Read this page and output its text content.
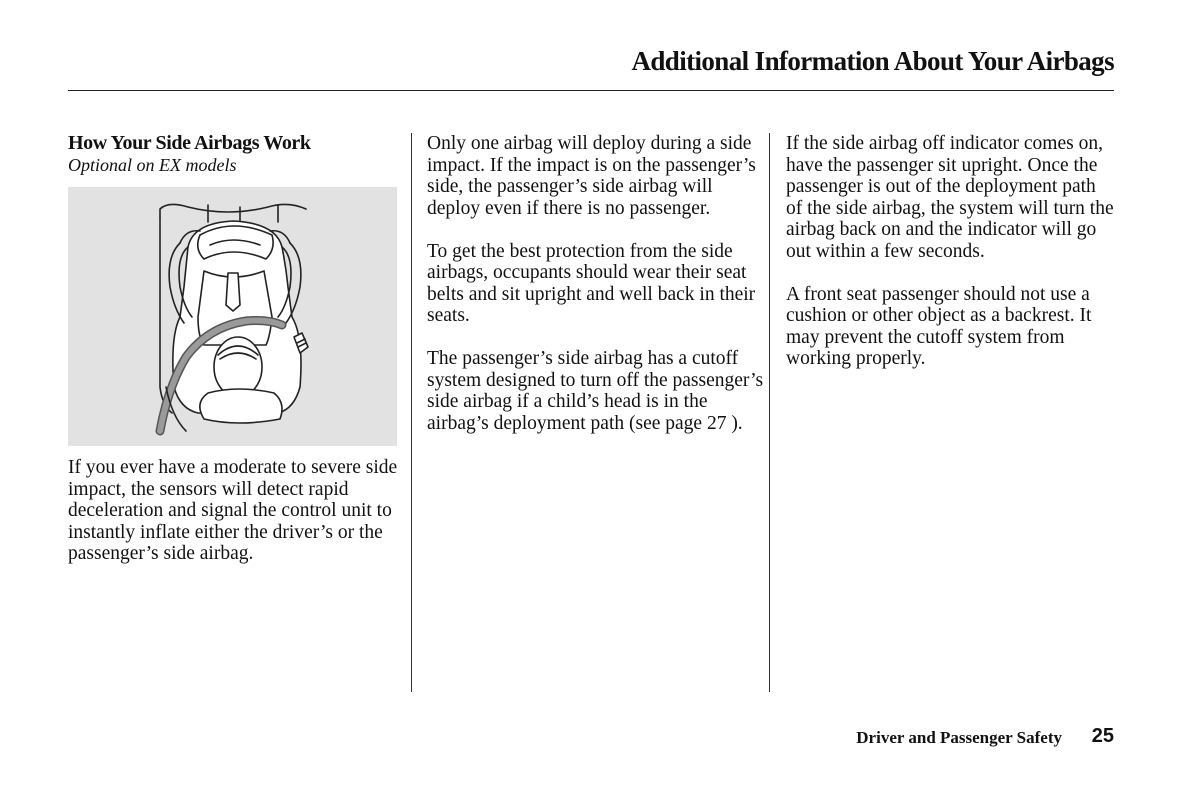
Additional Information About Your Airbags
How Your Side Airbags Work
Optional on EX models

If you ever have a moderate to severe side impact, the sensors will detect rapid deceleration and signal the control unit to instantly inflate either the driver’s or the passenger’s side airbag.

Only one airbag will deploy during a side impact. If the impact is on the passenger’s side, the passenger’s side airbag will deploy even if there is no passenger.

To get the best protection from the side airbags, occupants should wear their seat belts and sit upright and well back in their seats.

The passenger’s side airbag has a cutoff system designed to turn off the passenger’s side airbag if a child’s head is in the airbag’s deployment path (see page 27 ).

If the side airbag off indicator comes on, have the passenger sit upright. Once the passenger is out of the deployment path of the side airbag, the system will turn the airbag back on and the indicator will go out within a few seconds.

A front seat passenger should not use a cushion or other object as a backrest. It may prevent the cutoff system from working properly.

Driver and Passenger Safety 25
